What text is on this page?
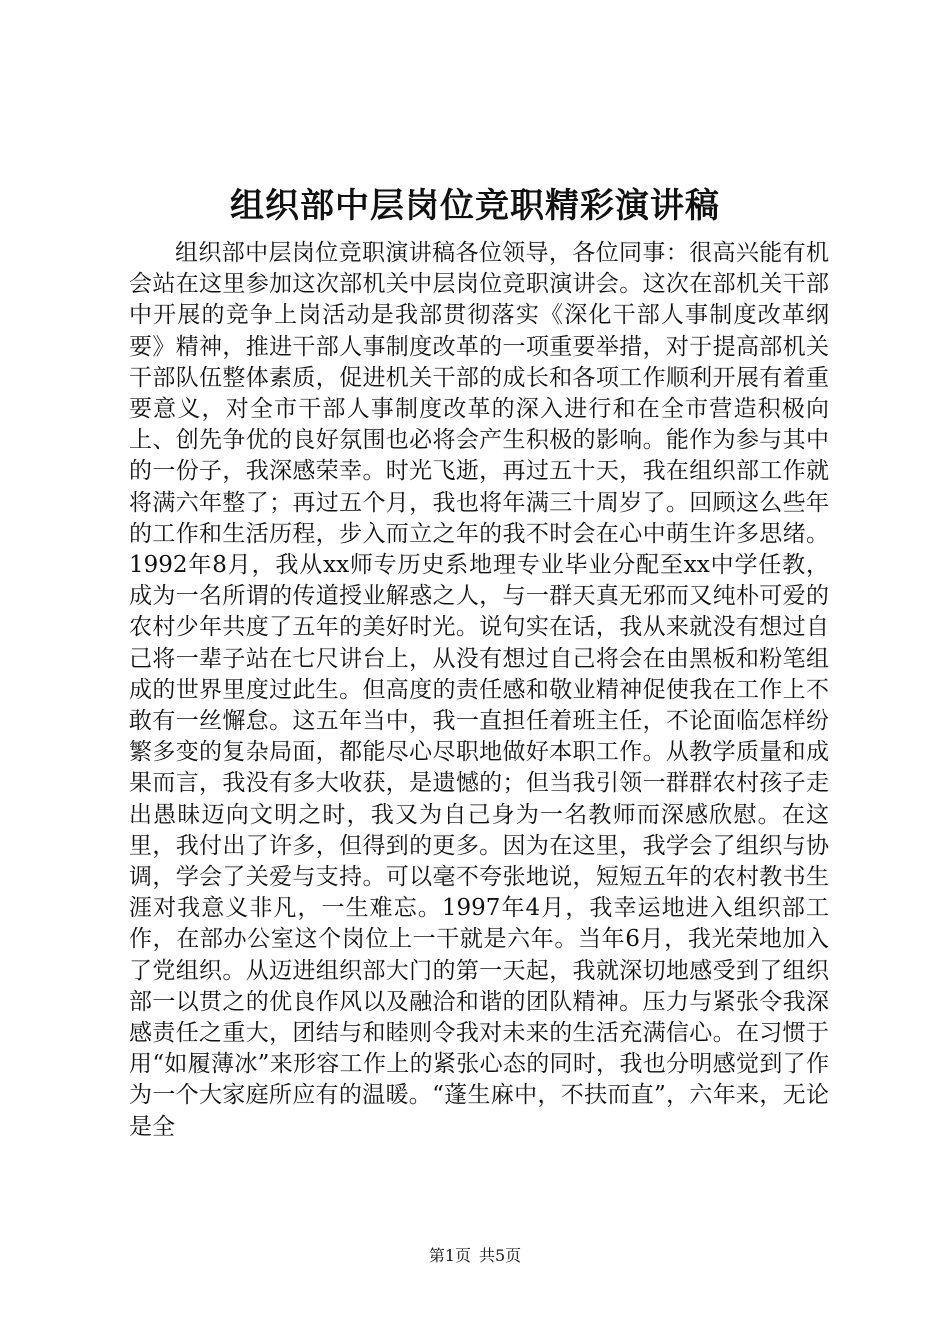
组织部中层岗位竞职精彩演讲稿

组织部中层岗位竞职演讲稿各位领导，各位同事：很高兴能有机会站在这里参加这次部机关中层岗位竞职演讲会。这次在部机关干部中开展的竞争上岗活动是我部贯彻落实《深化干部人事制度改革纲要》精神，推进干部人事制度改革的一项重要举措，对于提高部机关干部队伍整体素质，促进机关干部的成长和各项工作顺利开展有着重要意义，对全市干部人事制度改革的深入进行和在全市营造积极向上、创先争优的良好氛围也必将会产生积极的影响。能作为参与其中的一份子，我深感荣幸。时光飞逝，再过五十天，我在组织部工作就将满六年整了；再过五个月，我也将年满三十周岁了。回顾这么些年的工作和生活历程，步入而立之年的我不时会在心中萌生许多思绪。1992年8月，我从xx师专历史系地理专业毕业分配至xx中学任教，成为一名所谓的传道授业解惑之人，与一群天真无邪而又纯朴可爱的农村少年共度了五年的美好时光。说句实在话，我从来就没有想过自己将一辈子站在七尺讲台上，从没有想过自己将会在由黑板和粉笔组成的世界里度过此生。但高度的责任感和敬业精神促使我在工作上不敢有一丝懈怠。这五年当中，我一直担任着班主任，不论面临怎样纷繁多变的复杂局面，都能尽心尽职地做好本职工作。从教学质量和成果而言，我没有多大收获，是遗憾的；但当我引领一群群农村孩子走出愚昧迈向文明之时，我又为自己身为一名教师而深感欣慰。在这里，我付出了许多，但得到的更多。因为在这里，我学会了组织与协调，学会了关爱与支持。可以毫不夸张地说，短短五年的农村教书生涯对我意义非凡，一生难忘。1997年4月，我幸运地进入组织部工作，在部办公室这个岗位上一干就是六年。当年6月，我光荣地加入了党组织。从迈进组织部大门的第一天起，我就深切地感受到了组织部一以贯之的优良作风以及融洽和谐的团队精神。压力与紧张令我深感责任之重大，团结与和睦则令我对未来的生活充满信心。在习惯于用“如履薄冰”来形容工作上的紧张心态的同时，我也分明感觉到了作为一个大家庭所应有的温暖。“蓬生麻中，不扶而直”，六年来，无论是全

第1页 共5页
